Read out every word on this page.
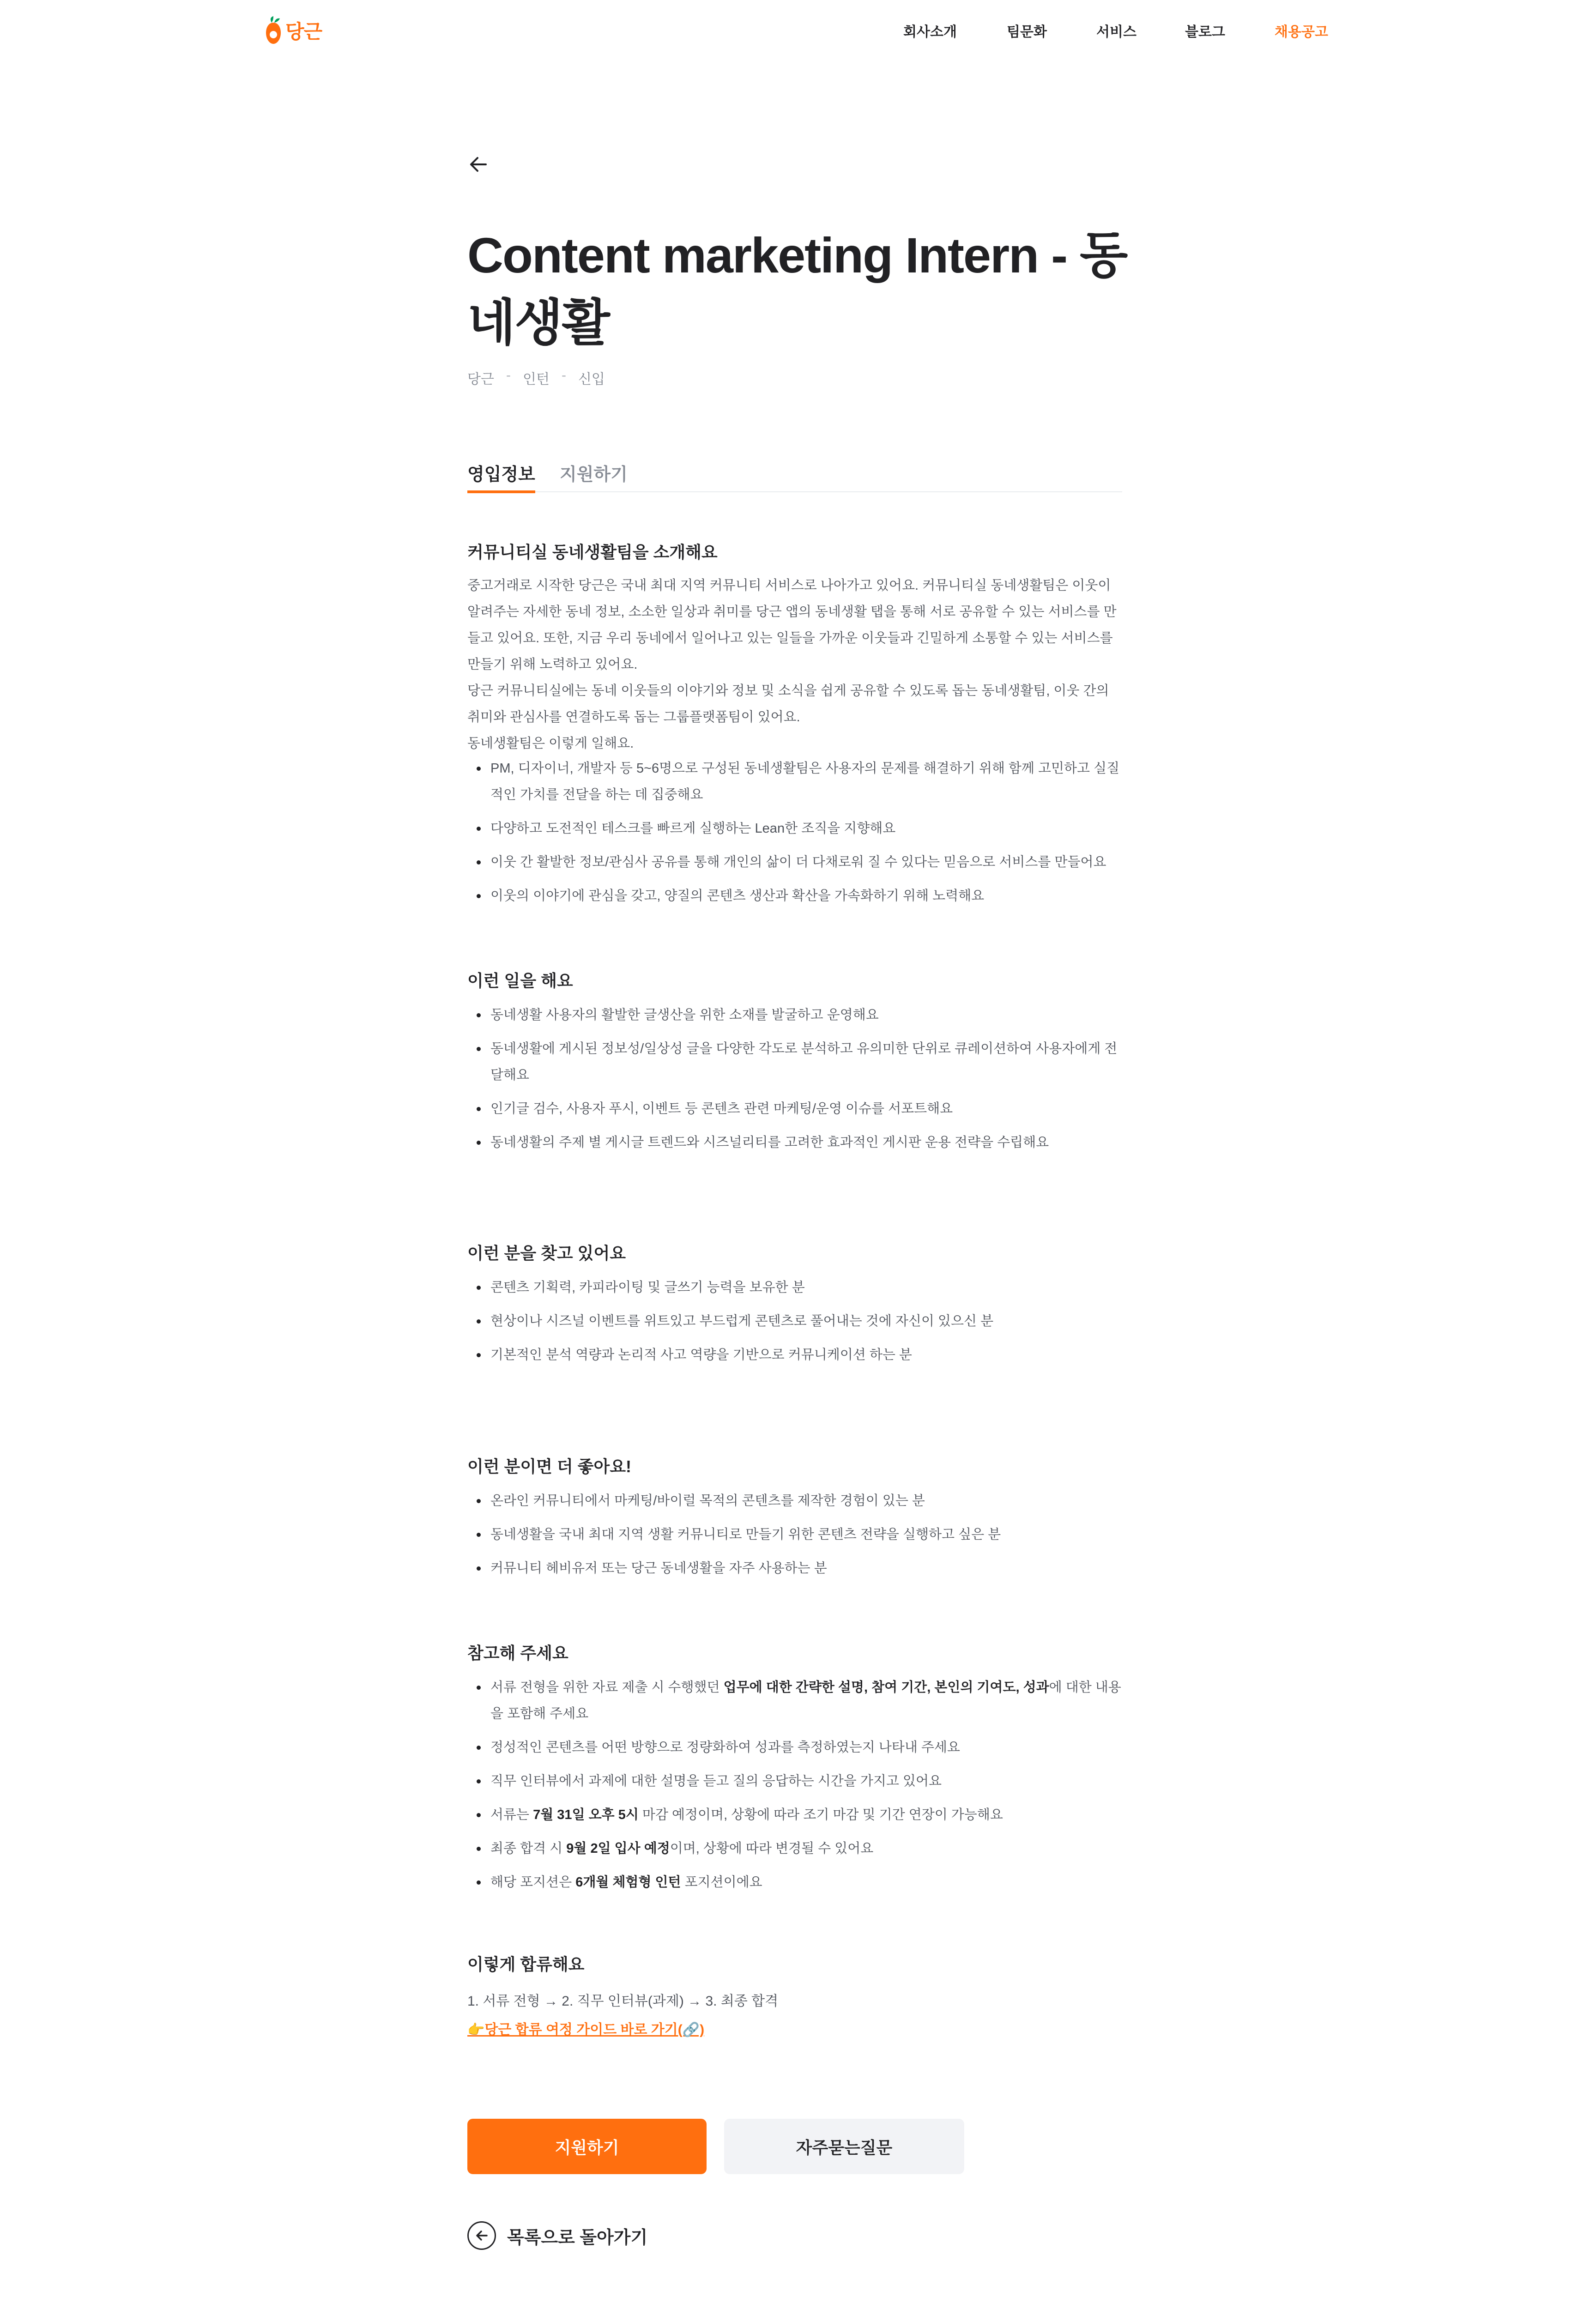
당근	회사소개	팀문화	서비스	블로그	채용공고
Content marketing Intern - 동네생활
당근 - 인턴 - 신입
영입정보 지원하기
커뮤니티실 동네생활팀을 소개해요

중고거래로 시작한 당근은 국내 최대 지역 커뮤니티 서비스로 나아가고 있어요. 커뮤니티실 동네생활팀은 이웃이 알려주는 자세한 동네 정보, 소소한 일상과 취미를 당근 앱의 동네생활 탭을 통해 서로 공유할 수 있는 서비스를 만들고 있어요. 또한, 지금 우리 동네에서 일어나고 있는 일들을 가까운 이웃들과 긴밀하게 소통할 수 있는 서비스를 만들기 위해 노력하고 있어요.

당근 커뮤니티실에는 동네 이웃들의 이야기와 정보 및 소식을 쉽게 공유할 수 있도록 돕는 동네생활팀, 이웃 간의 취미와 관심사를 연결하도록 돕는 그룹플랫폼팀이 있어요.

동네생활팀은 이렇게 일해요.

PM, 디자이너, 개발자 등 5~6명으로 구성된 동네생활팀은 사용자의 문제를 해결하기 위해 함께 고민하고 실질적인 가치를 전달을 하는 데 집중해요
다양하고 도전적인 테스크를 빠르게 실행하는 Lean한 조직을 지향해요
이웃 간 활발한 정보/관심사 공유를 통해 개인의 삶이 더 다채로워 질 수 있다는 믿음으로 서비스를 만들어요
이웃의 이야기에 관심을 갖고, 양질의 콘텐츠 생산과 확산을 가속화하기 위해 노력해요
이런 일을 해요
동네생활 사용자의 활발한 글생산을 위한 소재를 발굴하고 운영해요
동네생활에 게시된 정보성/일상성 글을 다양한 각도로 분석하고 유의미한 단위로 큐레이션하여 사용자에게 전달해요
인기글 검수, 사용자 푸시, 이벤트 등 콘텐츠 관련 마케팅/운영 이슈를 서포트해요
동네생활의 주제 별 게시글 트렌드와 시즈널리티를 고려한 효과적인 게시판 운용 전략을 수립해요
이런 분을 찾고 있어요
콘텐츠 기획력, 카피라이팅 및 글쓰기 능력을 보유한 분
현상이나 시즈널 이벤트를 위트있고 부드럽게 콘텐츠로 풀어내는 것에 자신이 있으신 분
기본적인 분석 역량과 논리적 사고 역량을 기반으로 커뮤니케이션 하는 분
이런 분이면 더 좋아요!
온라인 커뮤니티에서 마케팅/바이럴 목적의 콘텐츠를 제작한 경험이 있는 분
동네생활을 국내 최대 지역 생활 커뮤니티로 만들기 위한 콘텐츠 전략을 실행하고 싶은 분
커뮤니티 헤비유저 또는 당근 동네생활을 자주 사용하는 분
참고해 주세요
서류 전형을 위한 자료 제출 시 수행했던 업무에 대한 간략한 설명, 참여 기간, 본인의 기여도, 성과에 대한 내용을 포함해 주세요
정성적인 콘텐츠를 어떤 방향으로 정량화하여 성과를 측정하였는지 나타내 주세요
직무 인터뷰에서 과제에 대한 설명을 듣고 질의 응답하는 시간을 가지고 있어요
서류는 7월 31일 오후 5시 마감 예정이며, 상황에 따라 조기 마감 및 기간 연장이 가능해요
최종 합격 시 9월 2일 입사 예정이며, 상황에 따라 변경될 수 있어요
해당 포지션은 6개월 체험형 인턴 포지션이에요
이렇게 합류해요
1. 서류 전형 → 2. 직무 인터뷰(과제) → 3. 최종 합격
👉당근 합류 여정 가이드 바로 가기(🔗)
지원하기	자주묻는질문
목록으로 돌아가기
